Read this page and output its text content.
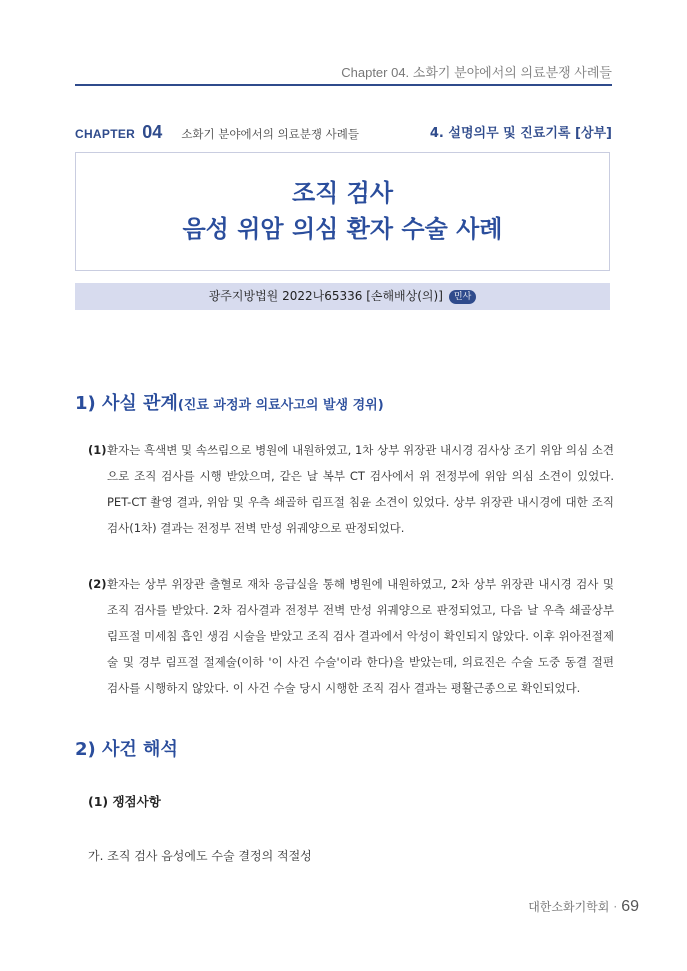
Chapter 04. 소화기 분야에서의 의료분쟁 사례들
CHAPTER 04 소화기 분야에서의 의료분쟁 사례들	4. 설명의무 및 진료기록 [상부]
조직 검사
음성 위암 의심 환자 수술 사례
광주지방법원 2022나65336 [손해배상(의)] 민사
1) 사실 관계(진료 과정과 의료사고의 발생 경위)
(1) 환자는 흑색변 및 속쓰림으로 병원에 내원하였고, 1차 상부 위장관 내시경 검사상 조기 위암 의심 소견으로 조직 검사를 시행 받았으며, 같은 날 복부 CT 검사에서 위 전정부에 위암 의심 소견이 있었다. PET-CT 촬영 결과, 위암 및 우측 쇄골하 림프절 침윤 소견이 있었다. 상부 위장관 내시경에 대한 조직 검사(1차) 결과는 전정부 전벽 만성 위궤양으로 판정되었다.
(2) 환자는 상부 위장관 출혈로 재차 응급실을 통해 병원에 내원하였고, 2차 상부 위장관 내시경 검사 및 조직 검사를 받았다. 2차 검사결과 전정부 전벽 만성 위궤양으로 판정되었고, 다음 날 우측 쇄골상부 림프절 미세침 흡인 생검 시술을 받았고 조직 검사 결과에서 악성이 확인되지 않았다. 이후 위아전절제술 및 경부 림프절 절제술(이하 '이 사건 수술'이라 한다)을 받았는데, 의료진은 수술 도중 동결 절편 검사를 시행하지 않았다. 이 사건 수술 당시 시행한 조직 검사 결과는 평활근종으로 확인되었다.
2) 사건 해석
(1) 쟁점사항
가. 조직 검사 음성에도 수술 결정의 적절성
대한소화기학회 · 69
